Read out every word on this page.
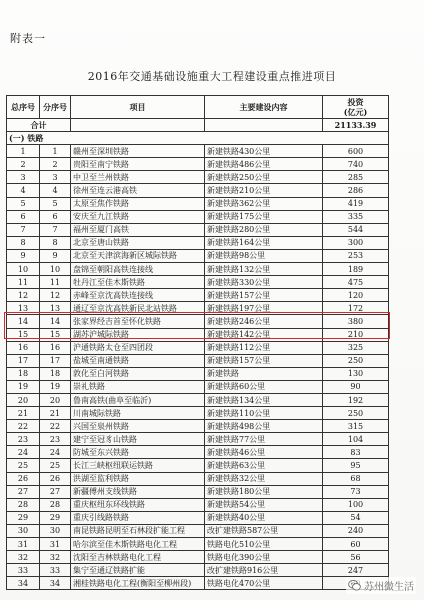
附表一
2016年交通基础设施重大工程建设重点推进项目
总序号	分序号	项目	主要建设内容	投资
(亿元)
合计				21133.39
(一) 铁路				
1	1	赣州至深圳铁路	新建铁路430公里	600
2	2	贵阳至南宁铁路	新建铁路486公里	740
3	3	中卫至兰州铁路	新建铁路250公里	285
4	4	徐州至连云港高铁	新建铁路210公里	286
5	5	太原至焦作铁路	新建铁路362公里	419
6	6	安庆至九江铁路	新建铁路175公里	335
7	7	福州至厦门高铁	新建铁路280公里	544
8	8	北京至唐山铁路	新建铁路164公里	300
9	9	北京至天津滨海新区城际铁路	新建铁路98公里	253
10	10	盘锦至朝阳高铁连接线	新建铁路132公里	189
11	11	牡丹江至佳木斯铁路	新建铁路330公里	475
12	12	赤峰至京沈高铁连接线	新建铁路157公里	120
13	13	通辽至京沈高铁新民北站铁路	新建铁路197公里	172
14	14	张家界经吉首至怀化铁路	新建铁路246公里	380
15	15	湖苏沪城际铁路	新建铁路142公里	210
16	16	沪通铁路太仓至四团段	新建铁路112公里	325
17	17	盐城至南通铁路	新建铁路157公里	250
18	18	敦化至白河铁路	新建铁路	130
19	19	崇礼铁路	新建铁路60公里	90
20	20	鲁南高铁(曲阜至临沂)	新建铁路134公里	192
21	21	川南城际铁路	新建铁路110公里	250
22	22	兴国至泉州铁路	新建铁路498公里	315
23	23	建宁至冠豸山铁路	新建铁路77公里	104
24	24	防城至东兴铁路	新建铁路46公里	83
25	25	长江三峡枢纽联运铁路	新建铁路63公里	95
26	26	洪湖至监利铁路	新建铁路32公里	68
27	27	新疆傅州支线铁路	新建铁路180公里	73
28	28	重庆枢纽东环线铁路	新建铁路54公里	100
29	29	重庆引线路铁路	新建铁路40公里	54
30	30	南昆铁路昆明至石林段扩能工程	改扩建铁路587公里	240
31	31	哈尔滨至佳木斯铁路电化工程	铁路电化510公里	60
32	32	沈阳至吉林铁路电化工程	铁路电化390公里	56
33	33	集宁至通辽铁路扩能	改扩建铁路916公里	247
34	34	湘桂铁路电化工程(衡阳至柳州段)	铁路电化470公里		苏州微生活
